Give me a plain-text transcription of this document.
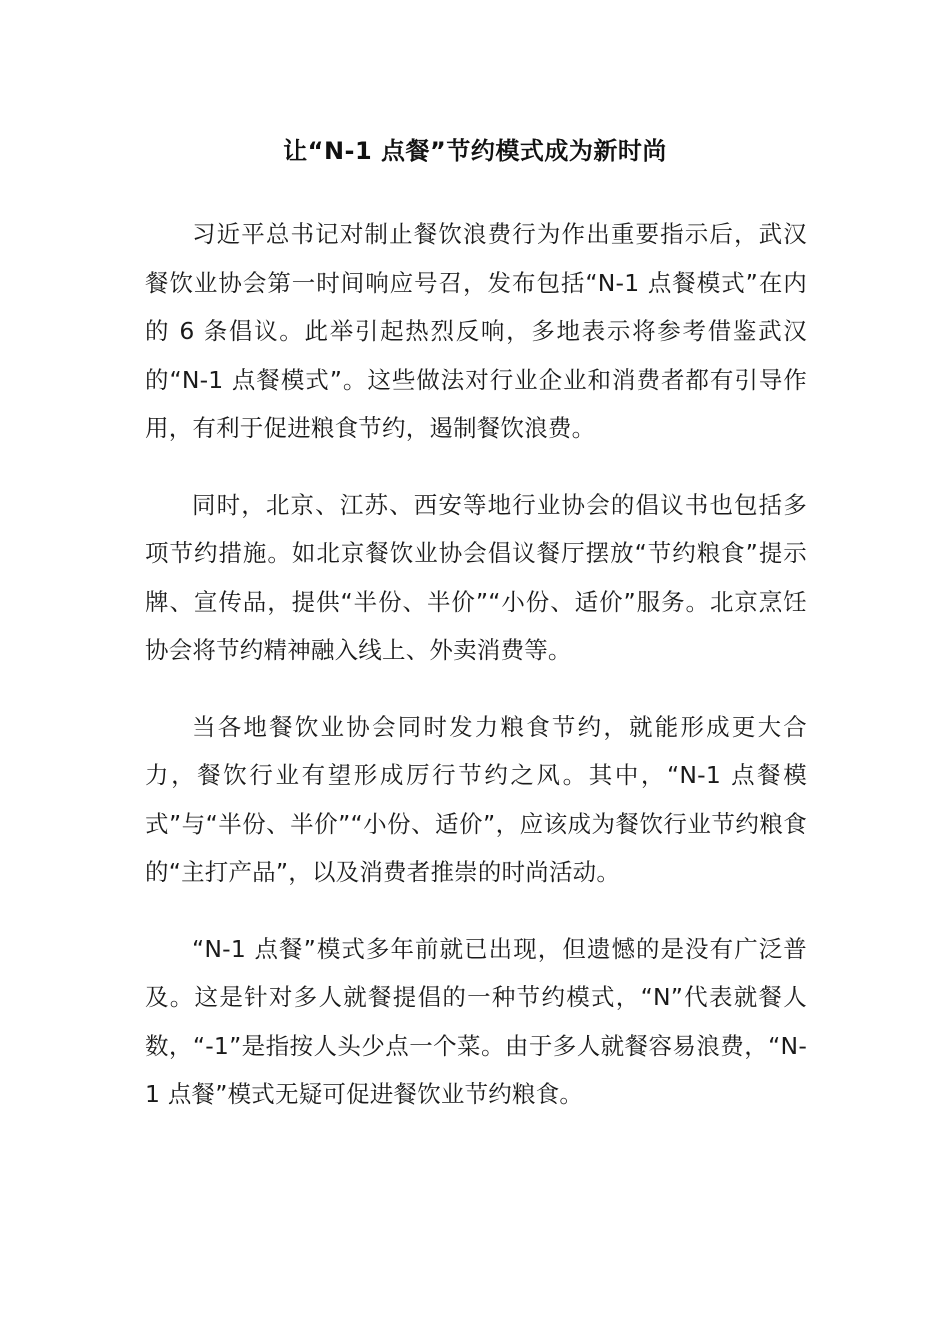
让“N-1 点餐”节约模式成为新时尚

习近平总书记对制止餐饮浪费行为作出重要指示后，武汉餐饮业协会第一时间响应号召，发布包括“N-1 点餐模式”在内的 6 条倡议。此举引起热烈反响，多地表示将参考借鉴武汉的“N-1 点餐模式”。这些做法对行业企业和消费者都有引导作用，有利于促进粮食节约，遏制餐饮浪费。

同时，北京、江苏、西安等地行业协会的倡议书也包括多项节约措施。如北京餐饮业协会倡议餐厅摆放“节约粮食”提示牌、宣传品，提供“半份、半价”“小份、适价”服务。北京烹饪协会将节约精神融入线上、外卖消费等。

当各地餐饮业协会同时发力粮食节约，就能形成更大合力，餐饮行业有望形成厉行节约之风。其中，“N-1 点餐模式”与“半份、半价”“小份、适价”，应该成为餐饮行业节约粮食的“主打产品”，以及消费者推崇的时尚活动。

“N-1 点餐”模式多年前就已出现，但遗憾的是没有广泛普及。这是针对多人就餐提倡的一种节约模式，“N”代表就餐人数，“-1”是指按人头少点一个菜。由于多人就餐容易浪费，“N-1 点餐”模式无疑可促进餐饮业节约粮食。
